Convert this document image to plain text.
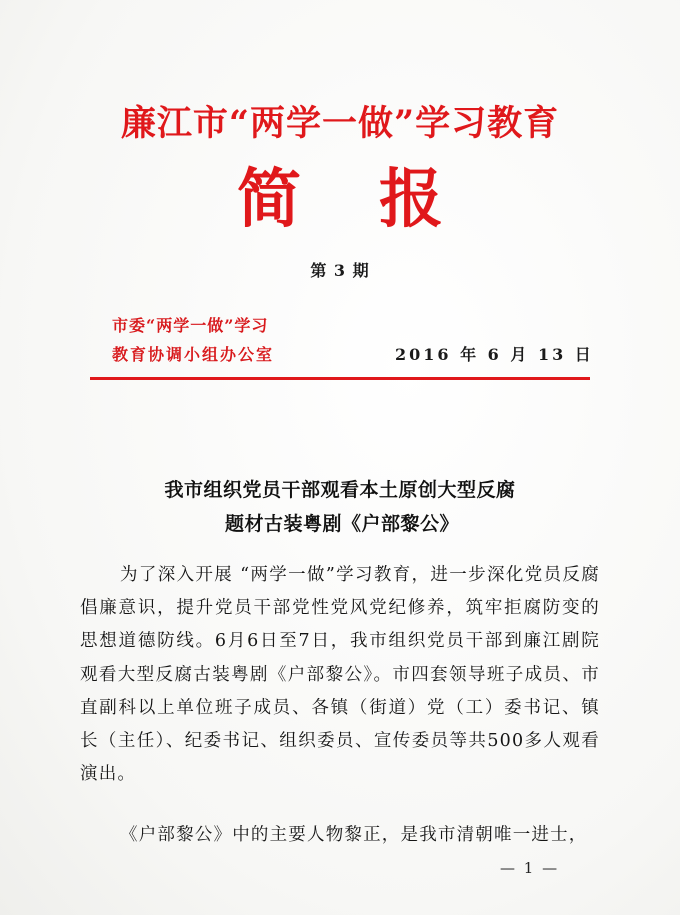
廉江市“两学一做”学习教育
简报
第 3 期
市委“两学一做”学习
教育协调小组办公室	2016 年 6 月 13 日
我市组织党员干部观看本土原创大型反腐
题材古装粤剧《户部黎公》
为了深入开展 “两学一做”学习教育，进一步深化党员反腐倡廉意识，提升党员干部党性党风党纪修养，筑牢拒腐防变的思想道德防线。6月6日至7日，我市组织党员干部到廉江剧院观看大型反腐古装粤剧《户部黎公》。市四套领导班子成员、市直副科以上单位班子成员、各镇（街道）党（工）委书记、镇长（主任）、纪委书记、组织委员、宣传委员等共500多人观看演出。
《户部黎公》中的主要人物黎正，是我市清朝唯一进士，
— 1 —
